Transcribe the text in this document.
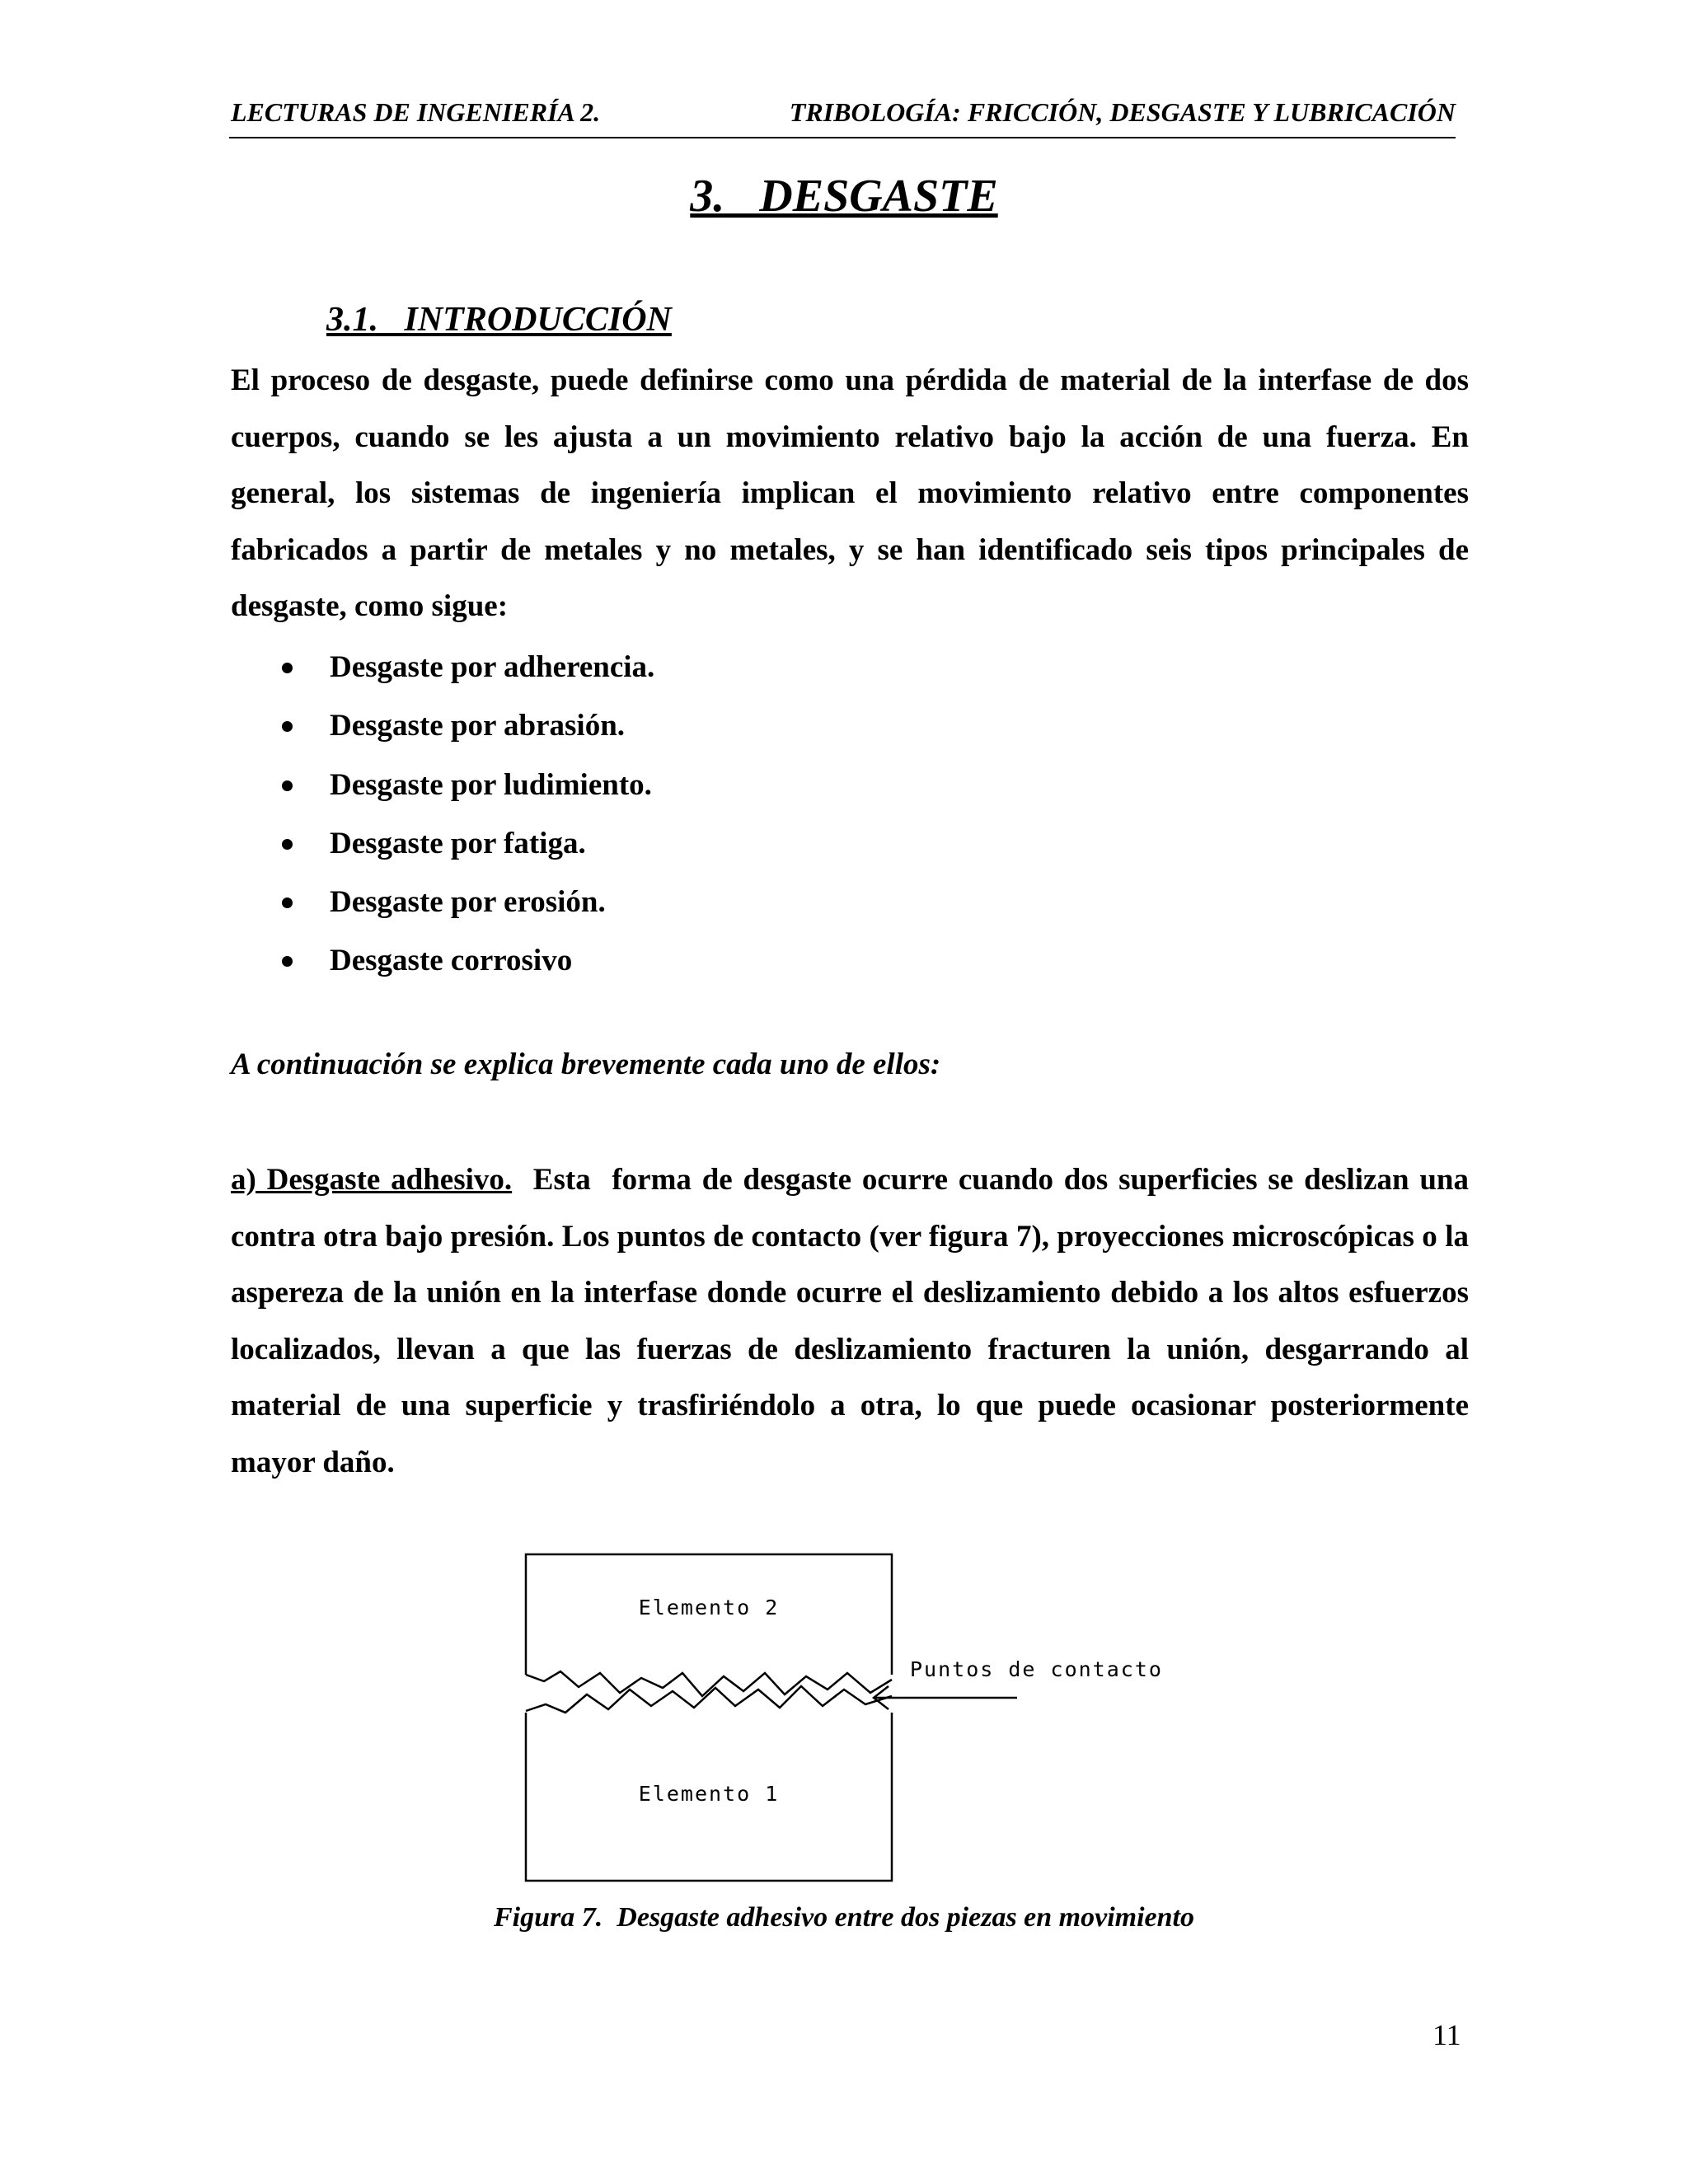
LECTURAS DE INGENIERÍA 2.	TRIBOLOGÍA: FRICCIÓN, DESGASTE Y LUBRICACIÓN
3.   DESGASTE
3.1.   INTRODUCCIÓN
El proceso de desgaste, puede definirse como una pérdida de material de la interfase de dos cuerpos, cuando se les ajusta a un movimiento relativo bajo la acción de una fuerza. En general, los sistemas de ingeniería implican el movimiento relativo entre componentes fabricados a partir de metales y no metales, y se han identificado seis tipos principales de desgaste, como sigue:
Desgaste por adherencia.
Desgaste por abrasión.
Desgaste por ludimiento.
Desgaste por fatiga.
Desgaste por erosión.
Desgaste corrosivo
A continuación se explica brevemente cada uno de ellos:
a) Desgaste adhesivo. Esta  forma de desgaste ocurre cuando dos superficies se deslizan una contra otra bajo presión. Los puntos de contacto (ver figura 7), proyecciones microscópicas o la aspereza de la unión en la interfase donde ocurre el deslizamiento debido a los altos esfuerzos localizados, llevan a que las fuerzas de deslizamiento fracturen la unión, desgarrando al material de una superficie y trasfiriéndolo a otra, lo que puede ocasionar posteriormente mayor daño.
Elemento 2
Elemento 1
Puntos de contacto
Figura 7.  Desgaste adhesivo entre dos piezas en movimiento
11
